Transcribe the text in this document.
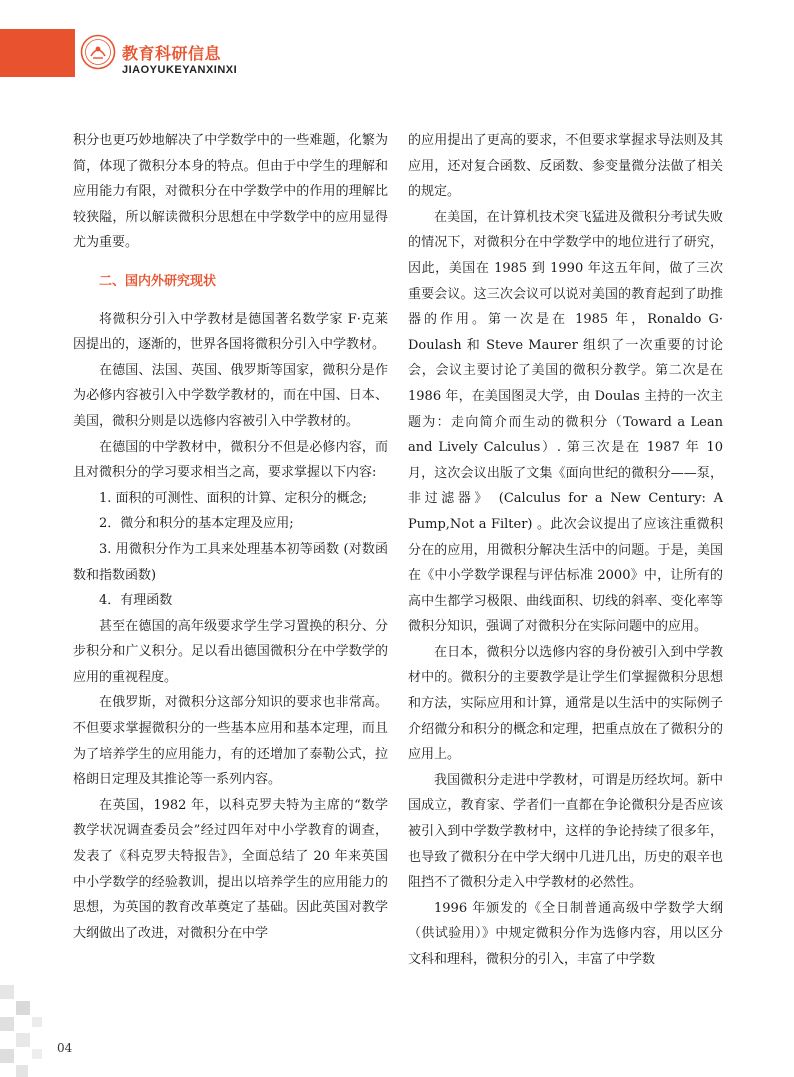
教育科研信息
JIAOYUKEYANXINXI

积分也更巧妙地解决了中学数学中的一些难题，化繁为简，体现了微积分本身的特点。但由于中学生的理解和应用能力有限，对微积分在中学数学中的作用的理解比较狭隘，所以解读微积分思想在中学数学中的应用显得尤为重要。

二、国内外研究现状

将微积分引入中学教材是德国著名数学家 F·克莱因提出的，逐渐的，世界各国将微积分引入中学教材。

在德国、法国、英国、俄罗斯等国家，微积分是作为必修内容被引入中学数学教材的，而在中国、日本、美国，微积分则是以选修内容被引入中学教材的。

在德国的中学教材中，微积分不但是必修内容，而且对微积分的学习要求相当之高，要求掌握以下内容:

1. 面积的可测性、面积的计算、定积分的概念;

2．微分和积分的基本定理及应用;

3. 用微积分作为工具来处理基本初等函数 (对数函数和指数函数)

4．有理函数

甚至在德国的高年级要求学生学习置换的积分、分步积分和广义积分。足以看出德国微积分在中学数学的应用的重视程度。

在俄罗斯，对微积分这部分知识的要求也非常高。不但要求掌握微积分的一些基本应用和基本定理，而且为了培养学生的应用能力，有的还增加了泰勒公式，拉格朗日定理及其推论等一系列内容。

在英国，1982 年，以科克罗夫特为主席的“数学教学状况调查委员会”经过四年对中小学教育的调查，发表了《科克罗夫特报告》，全面总结了 20 年来英国中小学数学的经验教训，提出以培养学生的应用能力的思想，为英国的教育改革奠定了基础。因此英国对教学大纲做出了改进，对微积分在中学

的应用提出了更高的要求，不但要求掌握求导法则及其应用，还对复合函数、反函数、参变量微分法做了相关的规定。

在美国，在计算机技术突飞猛进及微积分考试失败的情况下，对微积分在中学数学中的地位进行了研究，因此，美国在 1985 到 1990 年这五年间，做了三次重要会议。这三次会议可以说对美国的教育起到了助推器的作用。第一次是在 1985 年，Ronaldo G· Doulash 和 Steve Maurer 组织了一次重要的讨论会，会议主要讨论了美国的微积分教学。第二次是在 1986 年，在美国图灵大学，由 Doulas 主持的一次主题为：走向简介而生动的微积分（Toward a Lean and Lively Calculus）. 第三次是在 1987 年 10 月，这次会议出版了文集《面向世纪的微积分——泵，非过滤器》 (Calculus for a New Century: A Pump,Not a Filter) 。此次会议提出了应该注重微积分在的应用，用微积分解决生活中的问题。于是，美国在《中小学数学课程与评估标准 2000》中，让所有的高中生都学习极限、曲线面积、切线的斜率、变化率等微积分知识，强调了对微积分在实际问题中的应用。

在日本，微积分以选修内容的身份被引入到中学教材中的。微积分的主要教学是让学生们掌握微积分思想和方法，实际应用和计算，通常是以生活中的实际例子介绍微分和积分的概念和定理，把重点放在了微积分的应用上。

我国微积分走进中学教材，可谓是历经坎坷。新中国成立，教育家、学者们一直都在争论微积分是否应该被引入到中学数学教材中，这样的争论持续了很多年，也导致了微积分在中学大纲中几进几出，历史的艰辛也阻挡不了微积分走入中学教材的必然性。

1996 年颁发的《全日制普通高级中学数学大纲（供试验用）》中规定微积分作为选修内容，用以区分文科和理科，微积分的引入，丰富了中学数

04
